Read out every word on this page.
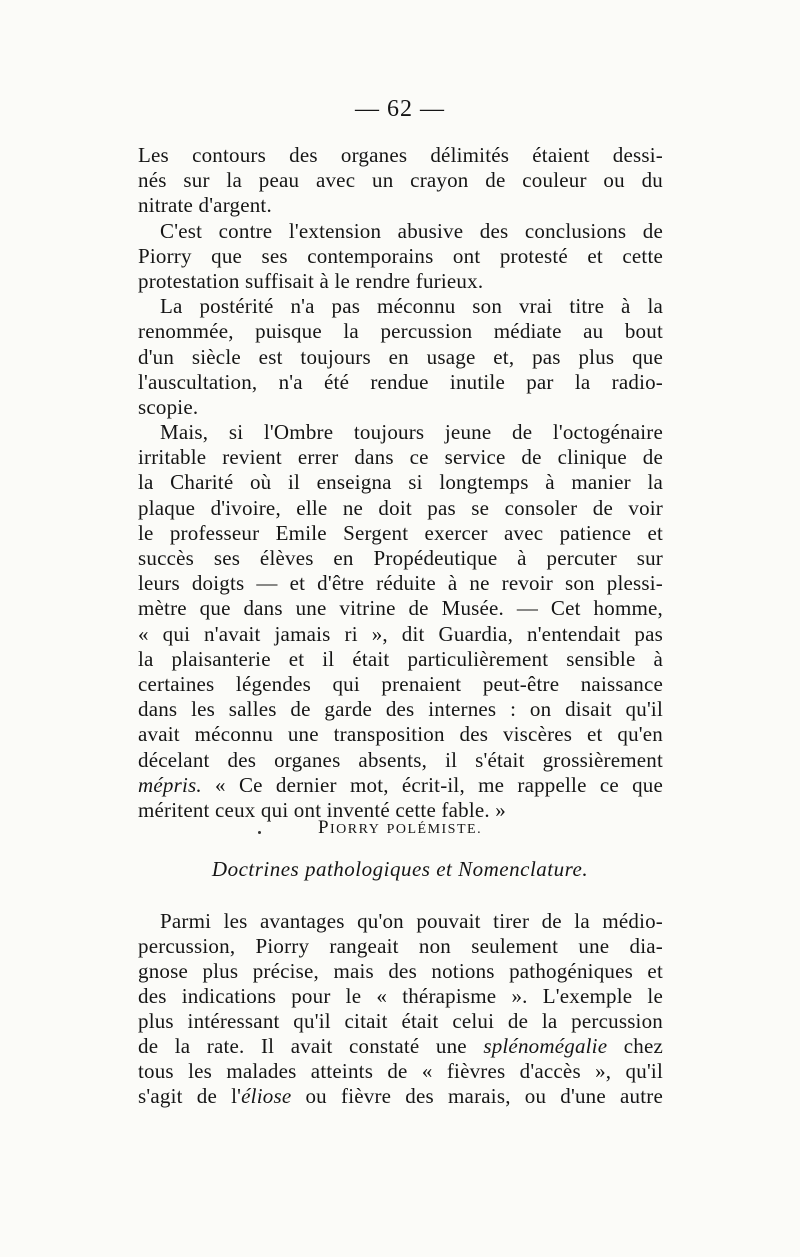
— 62 —
Les contours des organes délimités étaient dessi-
nés sur la peau avec un crayon de couleur ou du
nitrate d'argent.
C'est contre l'extension abusive des conclusions de
Piorry que ses contemporains ont protesté et cette
protestation suffisait à le rendre furieux.
La postérité n'a pas méconnu son vrai titre à la
renommée, puisque la percussion médiate au bout
d'un siècle est toujours en usage et, pas plus que
l'auscultation, n'a été rendue inutile par la radio-
scopie.
Mais, si l'Ombre toujours jeune de l'octogénaire
irritable revient errer dans ce service de clinique de
la Charité où il enseigna si longtemps à manier la
plaque d'ivoire, elle ne doit pas se consoler de voir
le professeur Emile Sergent exercer avec patience et
succès ses élèves en Propédeutique à percuter sur
leurs doigts — et d'être réduite à ne revoir son plessi-
mètre que dans une vitrine de Musée. — Cet homme,
« qui n'avait jamais ri », dit Guardia, n'entendait pas
la plaisanterie et il était particulièrement sensible à
certaines légendes qui prenaient peut-être naissance
dans les salles de garde des internes : on disait qu'il
avait méconnu une transposition des viscères et qu'en
décelant des organes absents, il s'était grossièrement
mépris. « Ce dernier mot, écrit-il, me rappelle ce que
méritent ceux qui ont inventé cette fable. »
PIORRY POLÉMISTE.
Doctrines pathologiques et Nomenclature.
Parmi les avantages qu'on pouvait tirer de la médio-
percussion, Piorry rangeait non seulement une dia-
gnose plus précise, mais des notions pathogéniques et
des indications pour le « thérapisme ». L'exemple le
plus intéressant qu'il citait était celui de la percussion
de la rate. Il avait constaté une splénomégalie chez
tous les malades atteints de « fièvres d'accès », qu'il
s'agit de l'éliose ou fièvre des marais, ou d'une autre
